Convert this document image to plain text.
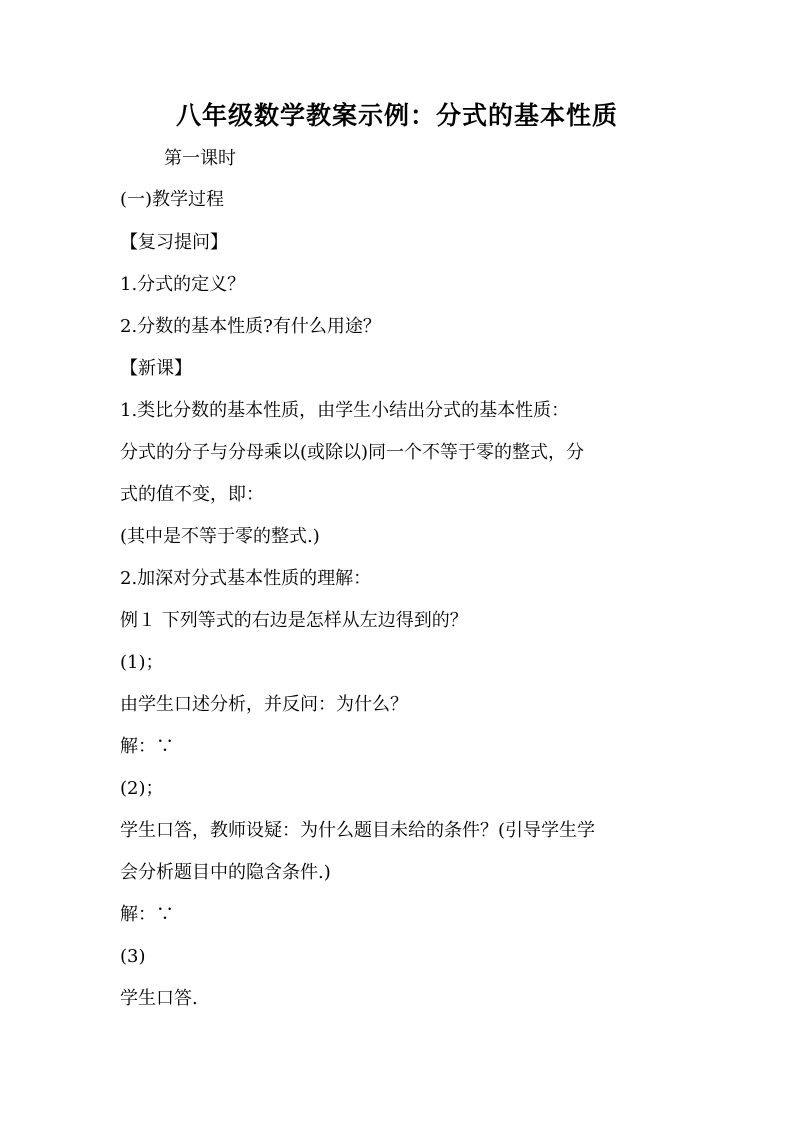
八年级数学教案示例：分式的基本性质
第一课时
(一)教学过程
【复习提问】
1.分式的定义？
2.分数的基本性质?有什么用途？
【新课】
1.类比分数的基本性质，由学生小结出分式的基本性质：
分式的分子与分母乘以(或除以)同一个不等于零的整式，分
式的值不变，即：
(其中是不等于零的整式.)
2.加深对分式基本性质的理解：
例１ 下列等式的右边是怎样从左边得到的？
(1)；
由学生口述分析，并反问：为什么？
解：∵
(2)；
学生口答，教师设疑：为什么题目未给的条件？(引导学生学
会分析题目中的隐含条件.)
解：∵
(3)
学生口答.
